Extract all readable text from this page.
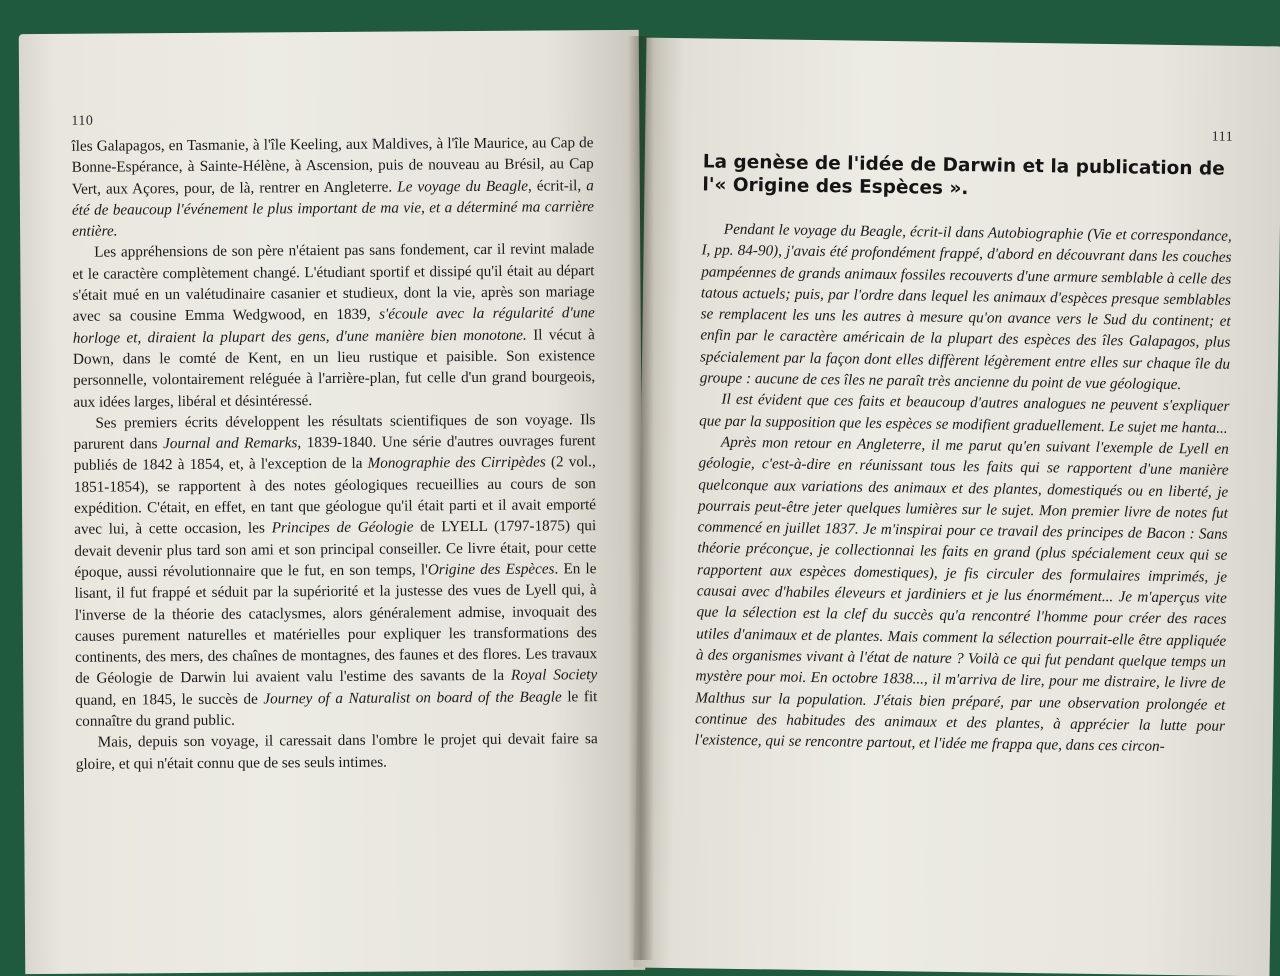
110

îles Galapagos, en Tasmanie, à l'île Keeling, aux Maldives, à l'île Maurice, au Cap de Bonne-Espérance, à Sainte-Hélène, à Ascension, puis de nouveau au Brésil, au Cap Vert, aux Açores, pour, de là, rentrer en Angleterre. Le voyage du Beagle, écrit-il, a été de beaucoup l'événement le plus important de ma vie, et a déterminé ma carrière entière.

Les appréhensions de son père n'étaient pas sans fondement, car il revint malade et le caractère complètement changé. L'étudiant sportif et dissipé qu'il était au départ s'était mué en un valétudinaire casanier et studieux, dont la vie, après son mariage avec sa cousine Emma Wedgwood, en 1839, s'écoule avec la régularité d'une horloge et, diraient la plupart des gens, d'une manière bien monotone. Il vécut à Down, dans le comté de Kent, en un lieu rustique et paisible. Son existence personnelle, volontairement reléguée à l'arrière-plan, fut celle d'un grand bourgeois, aux idées larges, libéral et désintéressé.

Ses premiers écrits développent les résultats scientifiques de son voyage. Ils parurent dans Journal and Remarks, 1839-1840. Une série d'autres ouvrages furent publiés de 1842 à 1854, et, à l'exception de la Monographie des Cirripèdes (2 vol., 1851-1854), se rapportent à des notes géologiques recueillies au cours de son expédition. C'était, en effet, en tant que géologue qu'il était parti et il avait emporté avec lui, à cette occasion, les Principes de Géologie de LYELL (1797-1875) qui devait devenir plus tard son ami et son principal conseiller. Ce livre était, pour cette époque, aussi révolutionnaire que le fut, en son temps, l'Origine des Espèces. En le lisant, il fut frappé et séduit par la supériorité et la justesse des vues de Lyell qui, à l'inverse de la théorie des cataclysmes, alors généralement admise, invoquait des causes purement naturelles et matérielles pour expliquer les transformations des continents, des mers, des chaînes de montagnes, des faunes et des flores. Les travaux de Géologie de Darwin lui avaient valu l'estime des savants de la Royal Society quand, en 1845, le succès de Journey of a Naturalist on board of the Beagle le fit connaître du grand public.

Mais, depuis son voyage, il caressait dans l'ombre le projet qui devait faire sa gloire, et qui n'était connu que de ses seuls intimes.

111
La genèse de l'idée de Darwin et la publication de l'« Origine des Espèces ».

Pendant le voyage du Beagle, écrit-il dans Autobiographie (Vie et correspondance, I, pp. 84-90), j'avais été profondément frappé, d'abord en découvrant dans les couches pampéennes de grands animaux fossiles recouverts d'une armure semblable à celle des tatous actuels; puis, par l'ordre dans lequel les animaux d'espèces presque semblables se remplacent les uns les autres à mesure qu'on avance vers le Sud du continent; et enfin par le caractère américain de la plupart des espèces des îles Galapagos, plus spécialement par la façon dont elles diffèrent légèrement entre elles sur chaque île du groupe : aucune de ces îles ne paraît très ancienne du point de vue géologique.

Il est évident que ces faits et beaucoup d'autres analogues ne peuvent s'expliquer que par la supposition que les espèces se modifient graduellement. Le sujet me hanta...

Après mon retour en Angleterre, il me parut qu'en suivant l'exemple de Lyell en géologie, c'est-à-dire en réunissant tous les faits qui se rapportent d'une manière quelconque aux variations des animaux et des plantes, domestiqués ou en liberté, je pourrais peut-être jeter quelques lumières sur le sujet. Mon premier livre de notes fut commencé en juillet 1837. Je m'inspirai pour ce travail des principes de Bacon : Sans théorie préconçue, je collectionnai les faits en grand (plus spécialement ceux qui se rapportent aux espèces domestiques), je fis circuler des formulaires imprimés, je causai avec d'habiles éleveurs et jardiniers et je lus énormément... Je m'aperçus vite que la sélection est la clef du succès qu'a rencontré l'homme pour créer des races utiles d'animaux et de plantes. Mais comment la sélection pourrait-elle être appliquée à des organismes vivant à l'état de nature ? Voilà ce qui fut pendant quelque temps un mystère pour moi. En octobre 1838..., il m'arriva de lire, pour me distraire, le livre de Malthus sur la population. J'étais bien préparé, par une observation prolongée et continue des habitudes des animaux et des plantes, à apprécier la lutte pour l'existence, qui se rencontre partout, et l'idée me frappa que, dans ces circon-
